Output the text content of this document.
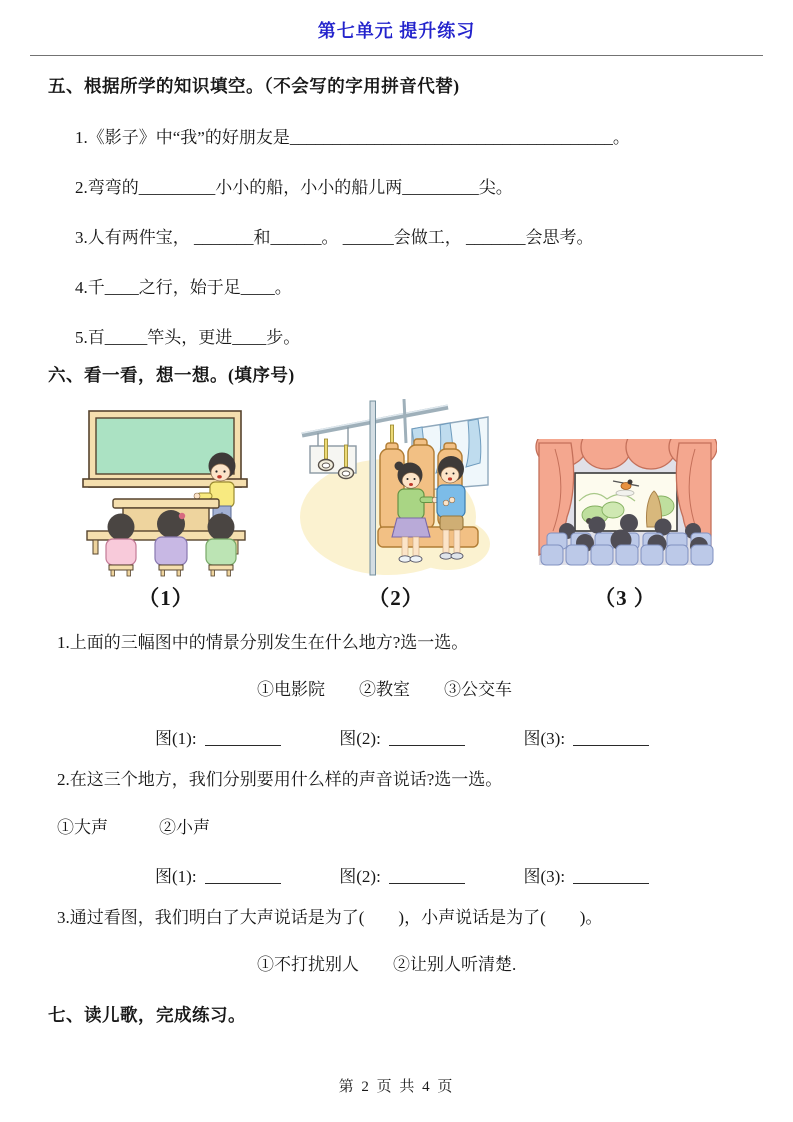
第七单元 提升练习
五、根据所学的知识填空。（不会写的字用拼音代替)
1.《影子》中“我”的好朋友是______________________________________。
2.弯弯的_________小小的船，小小的船儿两_________尖。
3.人有两件宝， _______和______。 ______会做工， _______会思考。
4.千____之行，始于足____。
5.百_____竿头，更进____步。
六、看一看，想一想。(填序号)
（1）	（2）	（3 ）
1.上面的三幅图中的情景分别发生在什么地方?选一选。
①电影院　　②教室　　③公交车
图(1):	图(2):	图(3):
2.在这三个地方，我们分别要用什么样的声音说话?选一选。
①大声　　　②小声
图(1):	图(2):	图(3):
3.通过看图，我们明白了大声说话是为了(　　)，小声说话是为了(　　)。
①不打扰别人　　②让别人听清楚.
七、读儿歌，完成练习。
第 2 页 共 4 页
